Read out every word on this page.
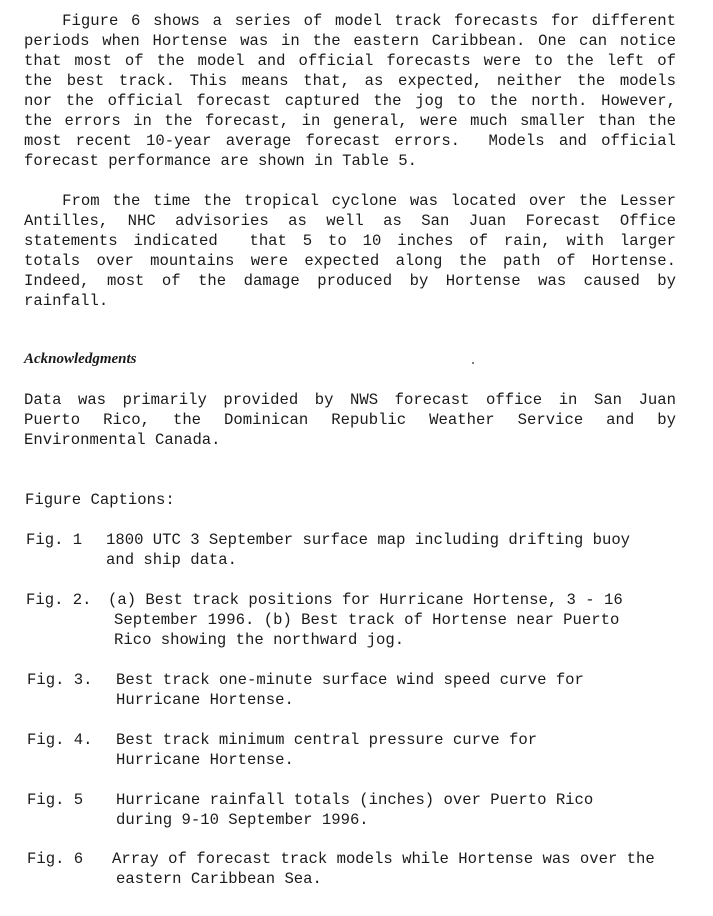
Figure 6 shows a series of model track forecasts for different
periods when Hortense was in the eastern Caribbean. One can notice
that most of the model and official forecasts were to the left of
the best track. This means that, as expected, neither the models
nor the official forecast captured the jog to the north. However,
the errors in the forecast, in general, were much smaller than the
most recent 10-year average forecast errors.  Models and official
forecast performance are shown in Table 5.

From the time the tropical cyclone was located over the Lesser
Antilles, NHC advisories as well as San Juan Forecast Office
statements indicated  that 5 to 10 inches of rain, with larger
totals over mountains were expected along the path of Hortense.
Indeed, most of the damage produced by Hortense was caused by
rainfall.

Acknowledgments

Data was primarily provided by NWS forecast office in San Juan
Puerto Rico, the Dominican Republic Weather Service and by
Environmental Canada.

Figure Captions:

Fig. 1 1800 UTC 3 September surface map including drifting buoy
and ship data.
Fig. 2. (a) Best track positions for Hurricane Hortense, 3 - 16
September 1996. (b) Best track of Hortense near Puerto
Rico showing the northward jog.
Fig. 3. Best track one-minute surface wind speed curve for
Hurricane Hortense.
Fig. 4. Best track minimum central pressure curve for
Hurricane Hortense.
Fig. 5 Hurricane rainfall totals (inches) over Puerto Rico
during 9-10 September 1996.
Fig. 6 Array of forecast track models while Hortense was over the
eastern Caribbean Sea.
